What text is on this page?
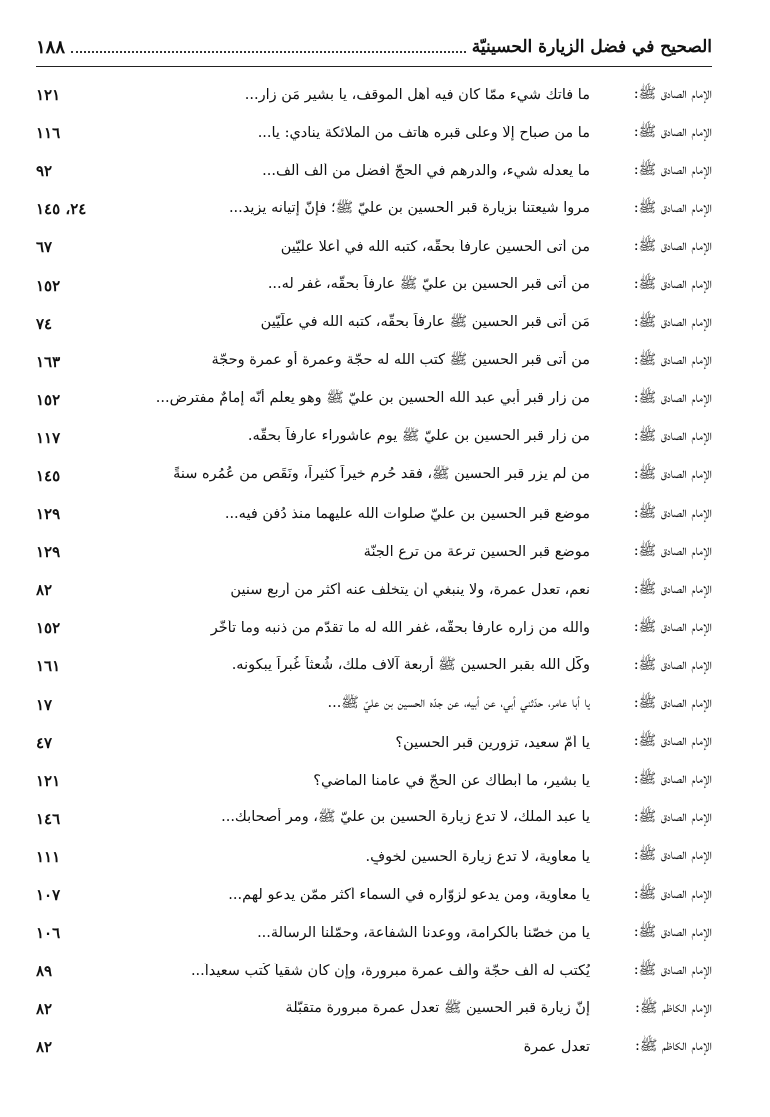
الصحيح في فضل الزيارة الحسينيّة
١٨٨
الإمام الصادق ﷺ:
ما فاتك شيء ممّا كان فيه أهل الموقف، يا بشير مَن زار...
١٢١
الإمام الصادق ﷺ:
ما من صباحٍ إلّا وعلى قبره هاتف من الملائكة ينادي: يا...
١١٦
الإمام الصادق ﷺ:
ما يعدله شيء، والدرهم في الحجّ أفضل من ألف ألف...
٩٢
الإمام الصادق ﷺ:
مروا شيعتنا بزيارة قبر الحسين بن عليّ ﷺ؛ فإنّ إتيانه يزيد...
٢٤، ١٤٥
الإمام الصادق ﷺ:
من أتى الحسين عارفاً بحقّه، كتبه الله في أعلا علّيّين
٦٧
الإمام الصادق ﷺ:
من أتى قبر الحسين بن عليّ ﷺ عارفاً بحقّه، غفر له...
١٥٢
الإمام الصادق ﷺ:
مَن أتى قبر الحسين ﷺ عارفاً بحقّه، كتبه الله في علّيّين
٧٤
الإمام الصادق ﷺ:
من أتى قبر الحسين ﷺ كتب الله له حجّة وعمرة أو عمرة وحجّة
١٦٣
الإمام الصادق ﷺ:
من زار قبر أبي عبد الله الحسين بن عليّ ﷺ وهو يعلم أنّه إمامٌ مفترض...
١٥٢
الإمام الصادق ﷺ:
من زار قبر الحسين بن عليّ ﷺ يوم عاشوراء عارفاً بحقّه.
١١٧
الإمام الصادق ﷺ:
من لم يزر قبر الحسين ﷺ، فقد حُرم خيراً كثيراً، ونَقَص من عُمُره سنةً
١٤٥
الإمام الصادق ﷺ:
موضع قبر الحسين بن عليّ صلوات الله عليهما منذ دُفن فيه...
١٢٩
الإمام الصادق ﷺ:
موضع قبر الحسين ترعة من ترع الجنّة
١٢٩
الإمام الصادق ﷺ:
نعم، تعدل عمرة، ولا ينبغي أن يتخلّف عنه أكثر من أربع سنين
٨٢
الإمام الصادق ﷺ:
والله من زاره عارفاً بحقّه، غفر الله له ما تقدّم من ذنبه وما تأخّر
١٥٢
الإمام الصادق ﷺ:
وكّل الله بقبر الحسين ﷺ أربعة آلاف ملك، شُعثاً غُبراً يبكونه.
١٦١
الإمام الصادق ﷺ:
يا أبا عامر، حدّثني أبي، عن أبيه، عن جدّه الحسين بن عليّ ﷺ...
١٧
الإمام الصادق ﷺ:
يا أمّ سعيد، تزورين قبر الحسين؟
٤٧
الإمام الصادق ﷺ:
يا بشير، ما أبطأك عن الحجّ في عامنا الماضي؟
١٢١
الإمام الصادق ﷺ:
يا عبد الملك، لا تدع زيارة الحسين بن عليّ ﷺ، ومر أصحابك...
١٤٦
الإمام الصادق ﷺ:
يا معاوية، لا تدع زيارة الحسين لخوفٍ.
١١١
الإمام الصادق ﷺ:
يا معاوية، ومن يدعو لزوّاره في السماء أكثر ممّن يدعو لهم...
١٠٧
الإمام الصادق ﷺ:
يا من خصّنا بالكرامة، ووعدنا الشفاعة، وحمّلنا الرسالة...
١٠٦
الإمام الصادق ﷺ:
يُكتب له ألف حجّة وألف عمرة مبرورة، وإن كان شقياً كُتب سعيداً...
٨٩
الإمام الكاظم ﷺ:
إنّ زيارة قبر الحسين ﷺ تعدل عمرة مبرورة متقبّلة
٨٢
الإمام الكاظم ﷺ:
تعدل عمرة
٨٢
